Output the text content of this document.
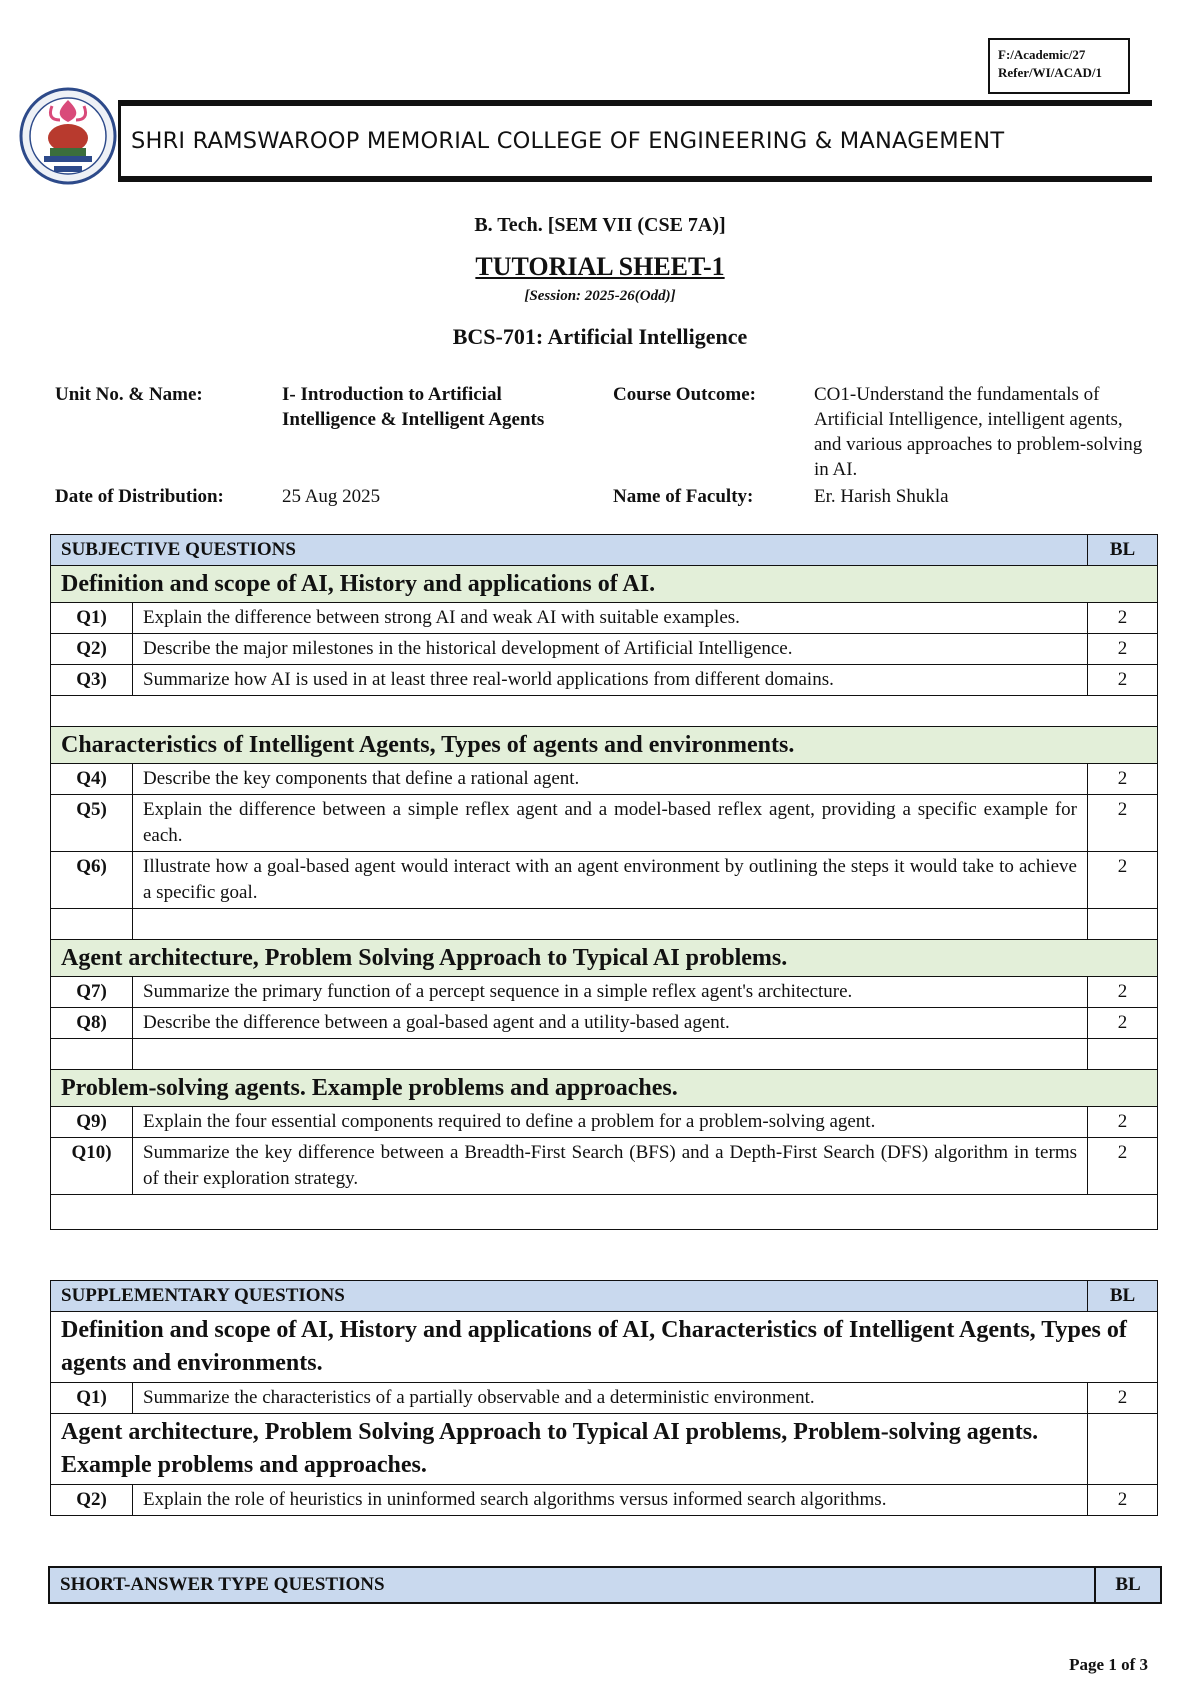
F:/Academic/27
Refer/WI/ACAD/1
SHRI RAMSWAROOP MEMORIAL COLLEGE OF ENGINEERING & MANAGEMENT
B. Tech. [SEM VII (CSE 7A)]
TUTORIAL SHEET-1
[Session: 2025-26(Odd)]
BCS-701: Artificial Intelligence
Unit No. & Name:	I- Introduction to Artificial Intelligence & Intelligent Agents
Course Outcome:	CO1-Understand the fundamentals of Artificial Intelligence, intelligent agents, and various approaches to problem-solving in AI.
Date of Distribution:	25 Aug 2025	Name of Faculty:	Er. Harish Shukla
SUBJECTIVE QUESTIONS		BL
Definition and scope of AI, History and applications of AI.		
Q1)	Explain the difference between strong AI and weak AI with suitable examples.	2
Q2)	Describe the major milestones in the historical development of Artificial Intelligence.	2
Q3)	Summarize how AI is used in at least three real-world applications from different domains.	2

Characteristics of Intelligent Agents, Types of agents and environments.		
Q4)	Describe the key components that define a rational agent.	2
Q5)	Explain the difference between a simple reflex agent and a model-based reflex agent, providing a specific example for each.	2
Q6)	Illustrate how a goal-based agent would interact with an agent environment by outlining the steps it would take to achieve a specific goal.	2

Agent architecture, Problem Solving Approach to Typical AI problems.		
Q7)	Summarize the primary function of a percept sequence in a simple reflex agent's architecture.	2
Q8)	Describe the difference between a goal-based agent and a utility-based agent.	2

Problem-solving agents. Example problems and approaches.		
Q9)	Explain the four essential components required to define a problem for a problem-solving agent.	2
Q10)	Summarize the key difference between a Breadth-First Search (BFS) and a Depth-First Search (DFS) algorithm in terms of their exploration strategy.	2

SUPPLEMENTARY QUESTIONS		BL
Definition and scope of AI, History and applications of AI, Characteristics of Intelligent Agents, Types of agents and environments.		
Q1)	Summarize the characteristics of a partially observable and a deterministic environment.	2
Agent architecture, Problem Solving Approach to Typical AI problems, Problem-solving agents. Example problems and approaches.		
Q2)	Explain the role of heuristics in uninformed search algorithms versus informed search algorithms.	2
SHORT-ANSWER TYPE QUESTIONS	BL
Page 1 of 3
